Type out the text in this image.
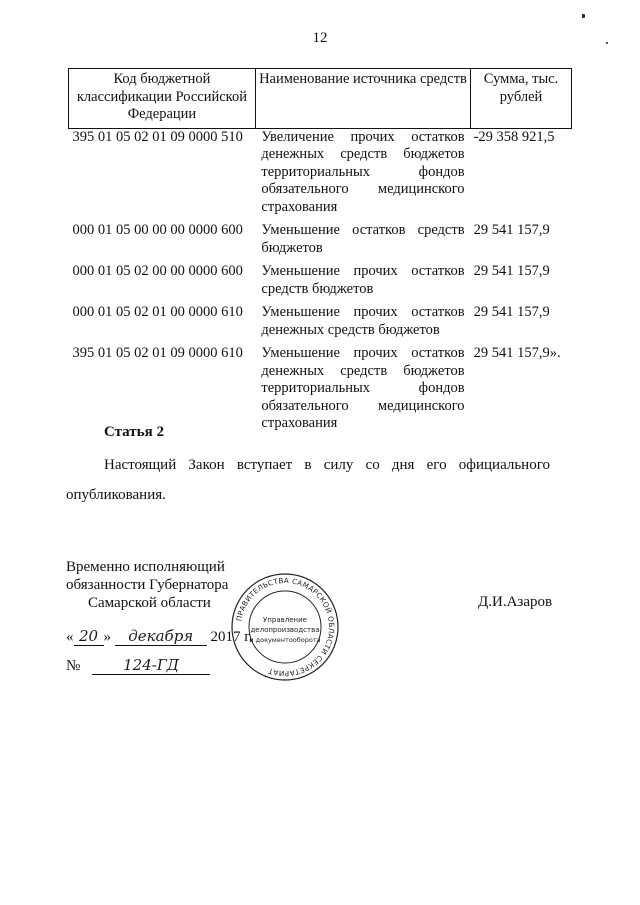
12
Код бюджетной классификации Российской Федерации	Наименование источника средств	Сумма, тыс. рублей
395 01 05 02 01 09 0000 510	Увеличение прочих остатков денежных средств бюджетов территориальных фондов обязательного медицинского страхования	-29 358 921,5
000 01 05 00 00 00 0000 600	Уменьшение остатков средств бюджетов	29 541 157,9
000 01 05 02 00 00 0000 600	Уменьшение прочих остатков средств бюджетов	29 541 157,9
000 01 05 02 01 00 0000 610	Уменьшение прочих остатков денежных средств бюджетов	29 541 157,9
395 01 05 02 01 09 0000 610	Уменьшение прочих остатков денежных средств бюджетов территориальных фондов обязательного медицинского страхования	29 541 157,9».
Статья 2
Настоящий Закон вступает в силу со дня его официального опубликования.
Временно исполняющий
обязанности Губернатора
Самарской области	Д.И.Азаров
« 20 » декабря 2017 г.
№	124-ГД
ПРАВИТЕЛЬСТВА САМАРСКОЙ ОБЛАСТИ СЕКРЕТАРИАТ
Управление
делопроизводства
и документооборота
